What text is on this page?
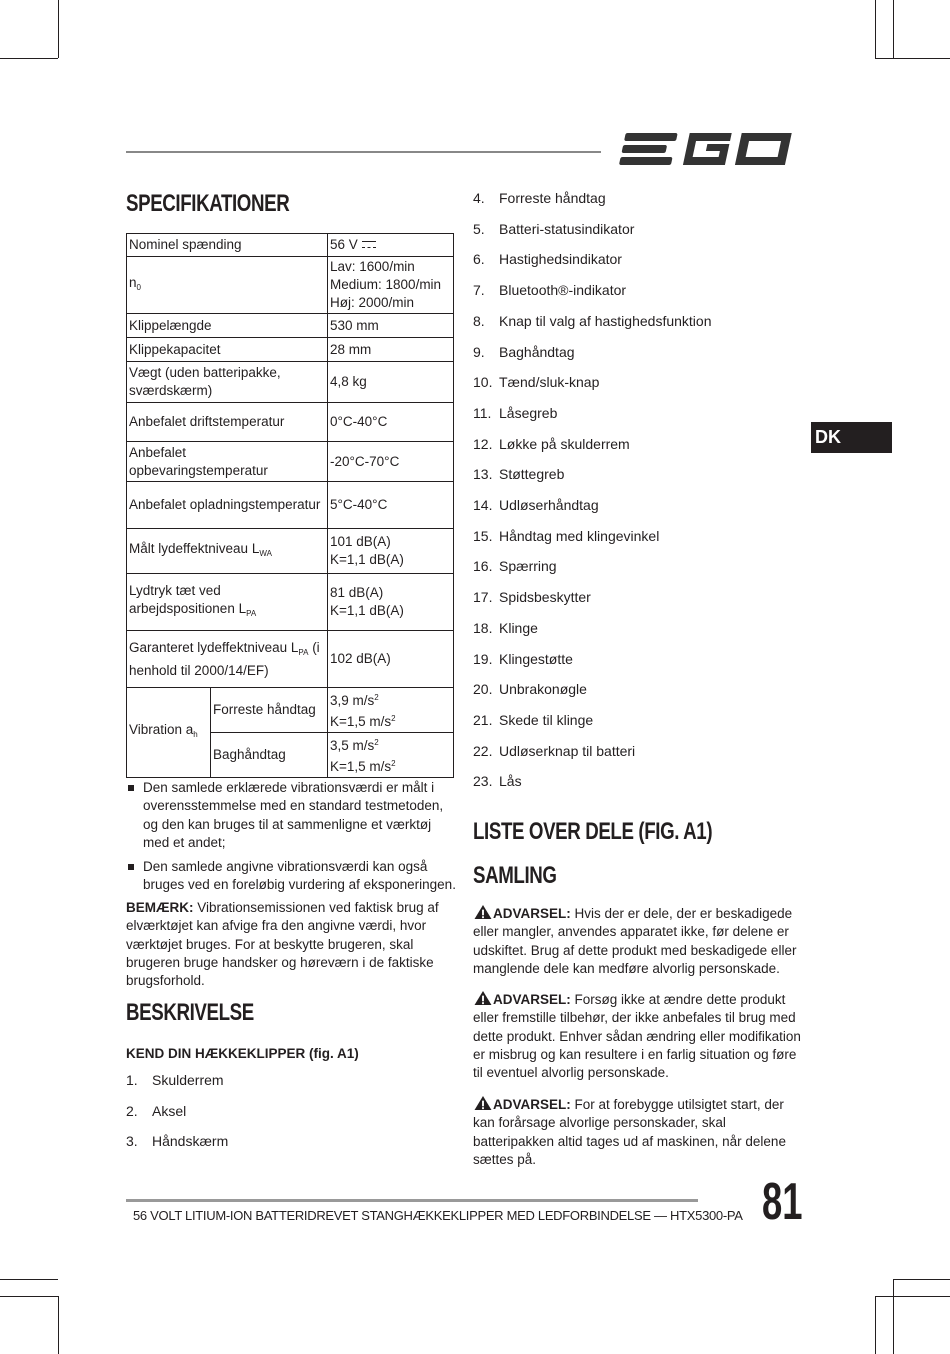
SPECIFIKATIONER
Nominel spænding		56 V
$n_0$		Lav: 1600/min
Medium: 1800/min
Høj: 2000/min

Klippelængde		530 mm
Klippekapacitet		28 mm
Vægt (uden batteripakke, sværdskærm)		4,8 kg
Anbefalet driftstemperatur		0°C-40°C
Anbefalet opbevaringstemperatur		-20°C-70°C
Anbefalet opladningstemperatur		5°C-40°C
Målt lydeffektniveau $L_{WA}$		101 dB(A)
K=1,1 dB(A)

Lydtryk tæt ved arbejdspositionen $L_{PA}$		81 dB(A)
K=1,1 dB(A)

Garanteret lydeffektniveau $L_{PA}$ (i henhold til 2000/14/EF)		102 dB(A)
Vibration $a_h$	Forreste håndtag	3,9 $m/s^2$
K=1,5 $m/s^2$

	Baghåndtag	3,5 $m/s^2$
K=1,5 $m/s^2$
Den samlede erklærede vibrationsværdi er målt i overensstemmelse med en standard testmetoden, og den kan bruges til at sammenligne et værktøj med et andet;
Den samlede angivne vibrationsværdi kan også bruges ved en foreløbig vurdering af eksponeringen.
BEMÆRK: Vibrationsemissionen ved faktisk brug af elværktøjet kan afvige fra den angivne værdi, hvor værktøjet bruges. For at beskytte brugeren, skal brugeren bruge handsker og høreværn i de faktiske brugsforhold.
BESKRIVELSE
KEND DIN HÆKKEKLIPPER (fig. A1)
1. Skulderrem
2. Aksel
3. Håndskærm
4. Forreste håndtag
5. Batteri-statusindikator
6. Hastighedsindikator
7. Bluetooth®-indikator
8. Knap til valg af hastighedsfunktion
9. Baghåndtag
10. Tænd/sluk-knap
11. Låsegreb
12. Løkke på skulderrem
13. Støttegreb
14. Udløserhåndtag
15. Håndtag med klingevinkel
16. Spærring
17. Spidsbeskytter
18. Klinge
19. Klingestøtte
20. Unbrakonøgle
21. Skede til klinge
22. Udløserknap til batteri
23. Lås
LISTE OVER DELE (FIG. A1)
SAMLING
ADVARSEL: Hvis der er dele, der er beskadigede eller mangler, anvendes apparatet ikke, før delene er udskiftet. Brug af dette produkt med beskadigede eller manglende dele kan medføre alvorlig personskade.
ADVARSEL: Forsøg ikke at ændre dette produkt eller fremstille tilbehør, der ikke anbefales til brug med dette produkt. Enhver sådan ændring eller modifikation er misbrug og kan resultere i en farlig situation og føre til eventuel alvorlig personskade.
ADVARSEL: For at forebygge utilsigtet start, der kan forårsage alvorlige personskader, skal batteripakken altid tages ud af maskinen, når delene sættes på.
DK
56 VOLT LITIUM-ION BATTERIDREVET STANGHÆKKEKLIPPER MED LEDFORBINDELSE — HTX5300-PA 81
